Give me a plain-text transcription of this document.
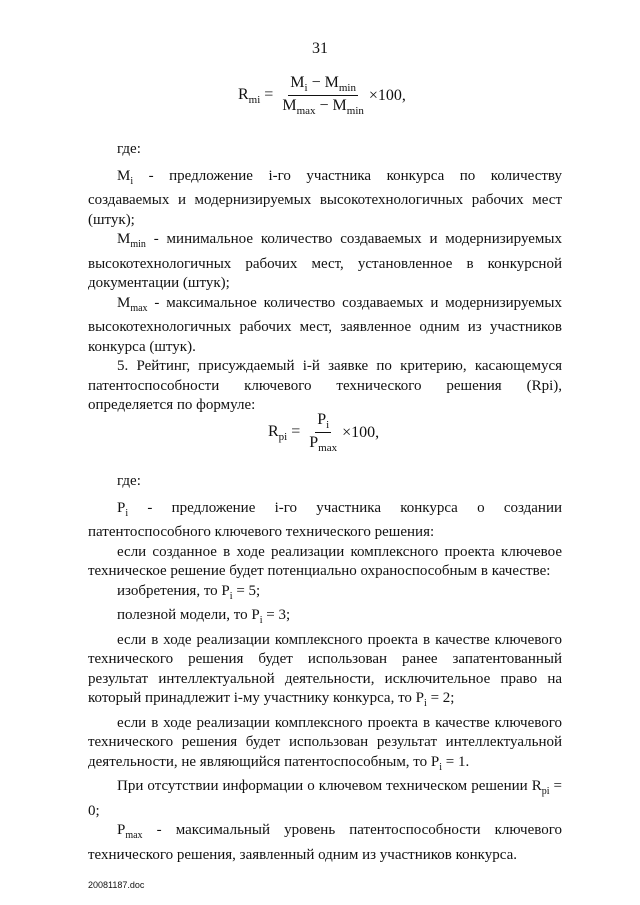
31
$R_{mi} = \frac{M_i - M_{min}}{M_{max} - M_{min}} \times 100$,

где:

$M_i$ - предложение i-го участника конкурса по количеству создаваемых и модернизируемых высокотехнологичных рабочих мест (штук);

$M_{min}$ - минимальное количество создаваемых и модернизируемых высокотехнологичных рабочих мест, установленное в конкурсной документации (штук);

$M_{max}$ - максимальное количество создаваемых и модернизируемых высокотехнологичных рабочих мест, заявленное одним из участников конкурса (штук).

5. Рейтинг, присуждаемый i-й заявке по критерию, касающемуся патентоспособности ключевого технического решения (Rpi), определяется по формуле:

$R_{pi} = \frac{P_i}{P_{max}} \times 100$,

где:

$P_i$ - предложение i-го участника конкурса о создании патентоспособного ключевого технического решения:

если созданное в ходе реализации комплексного проекта ключевое техническое решение будет потенциально охраноспособным в качестве:

изобретения, то $P_i = 5$;

полезной модели, то $P_i = 3$;

если в ходе реализации комплексного проекта в качестве ключевого технического решения будет использован ранее запатентованный результат интеллектуальной деятельности, исключительное право на который принадлежит i-му участнику конкурса, то $P_i = 2$;

если в ходе реализации комплексного проекта в качестве ключевого технического решения будет использован результат интеллектуальной деятельности, не являющийся патентоспособным, то $P_i = 1$.

При отсутствии информации о ключевом техническом решении $R_{pi} = 0$;

$P_{max}$ - максимальный уровень патентоспособности ключевого технического решения, заявленный одним из участников конкурса.

20081187.doc
